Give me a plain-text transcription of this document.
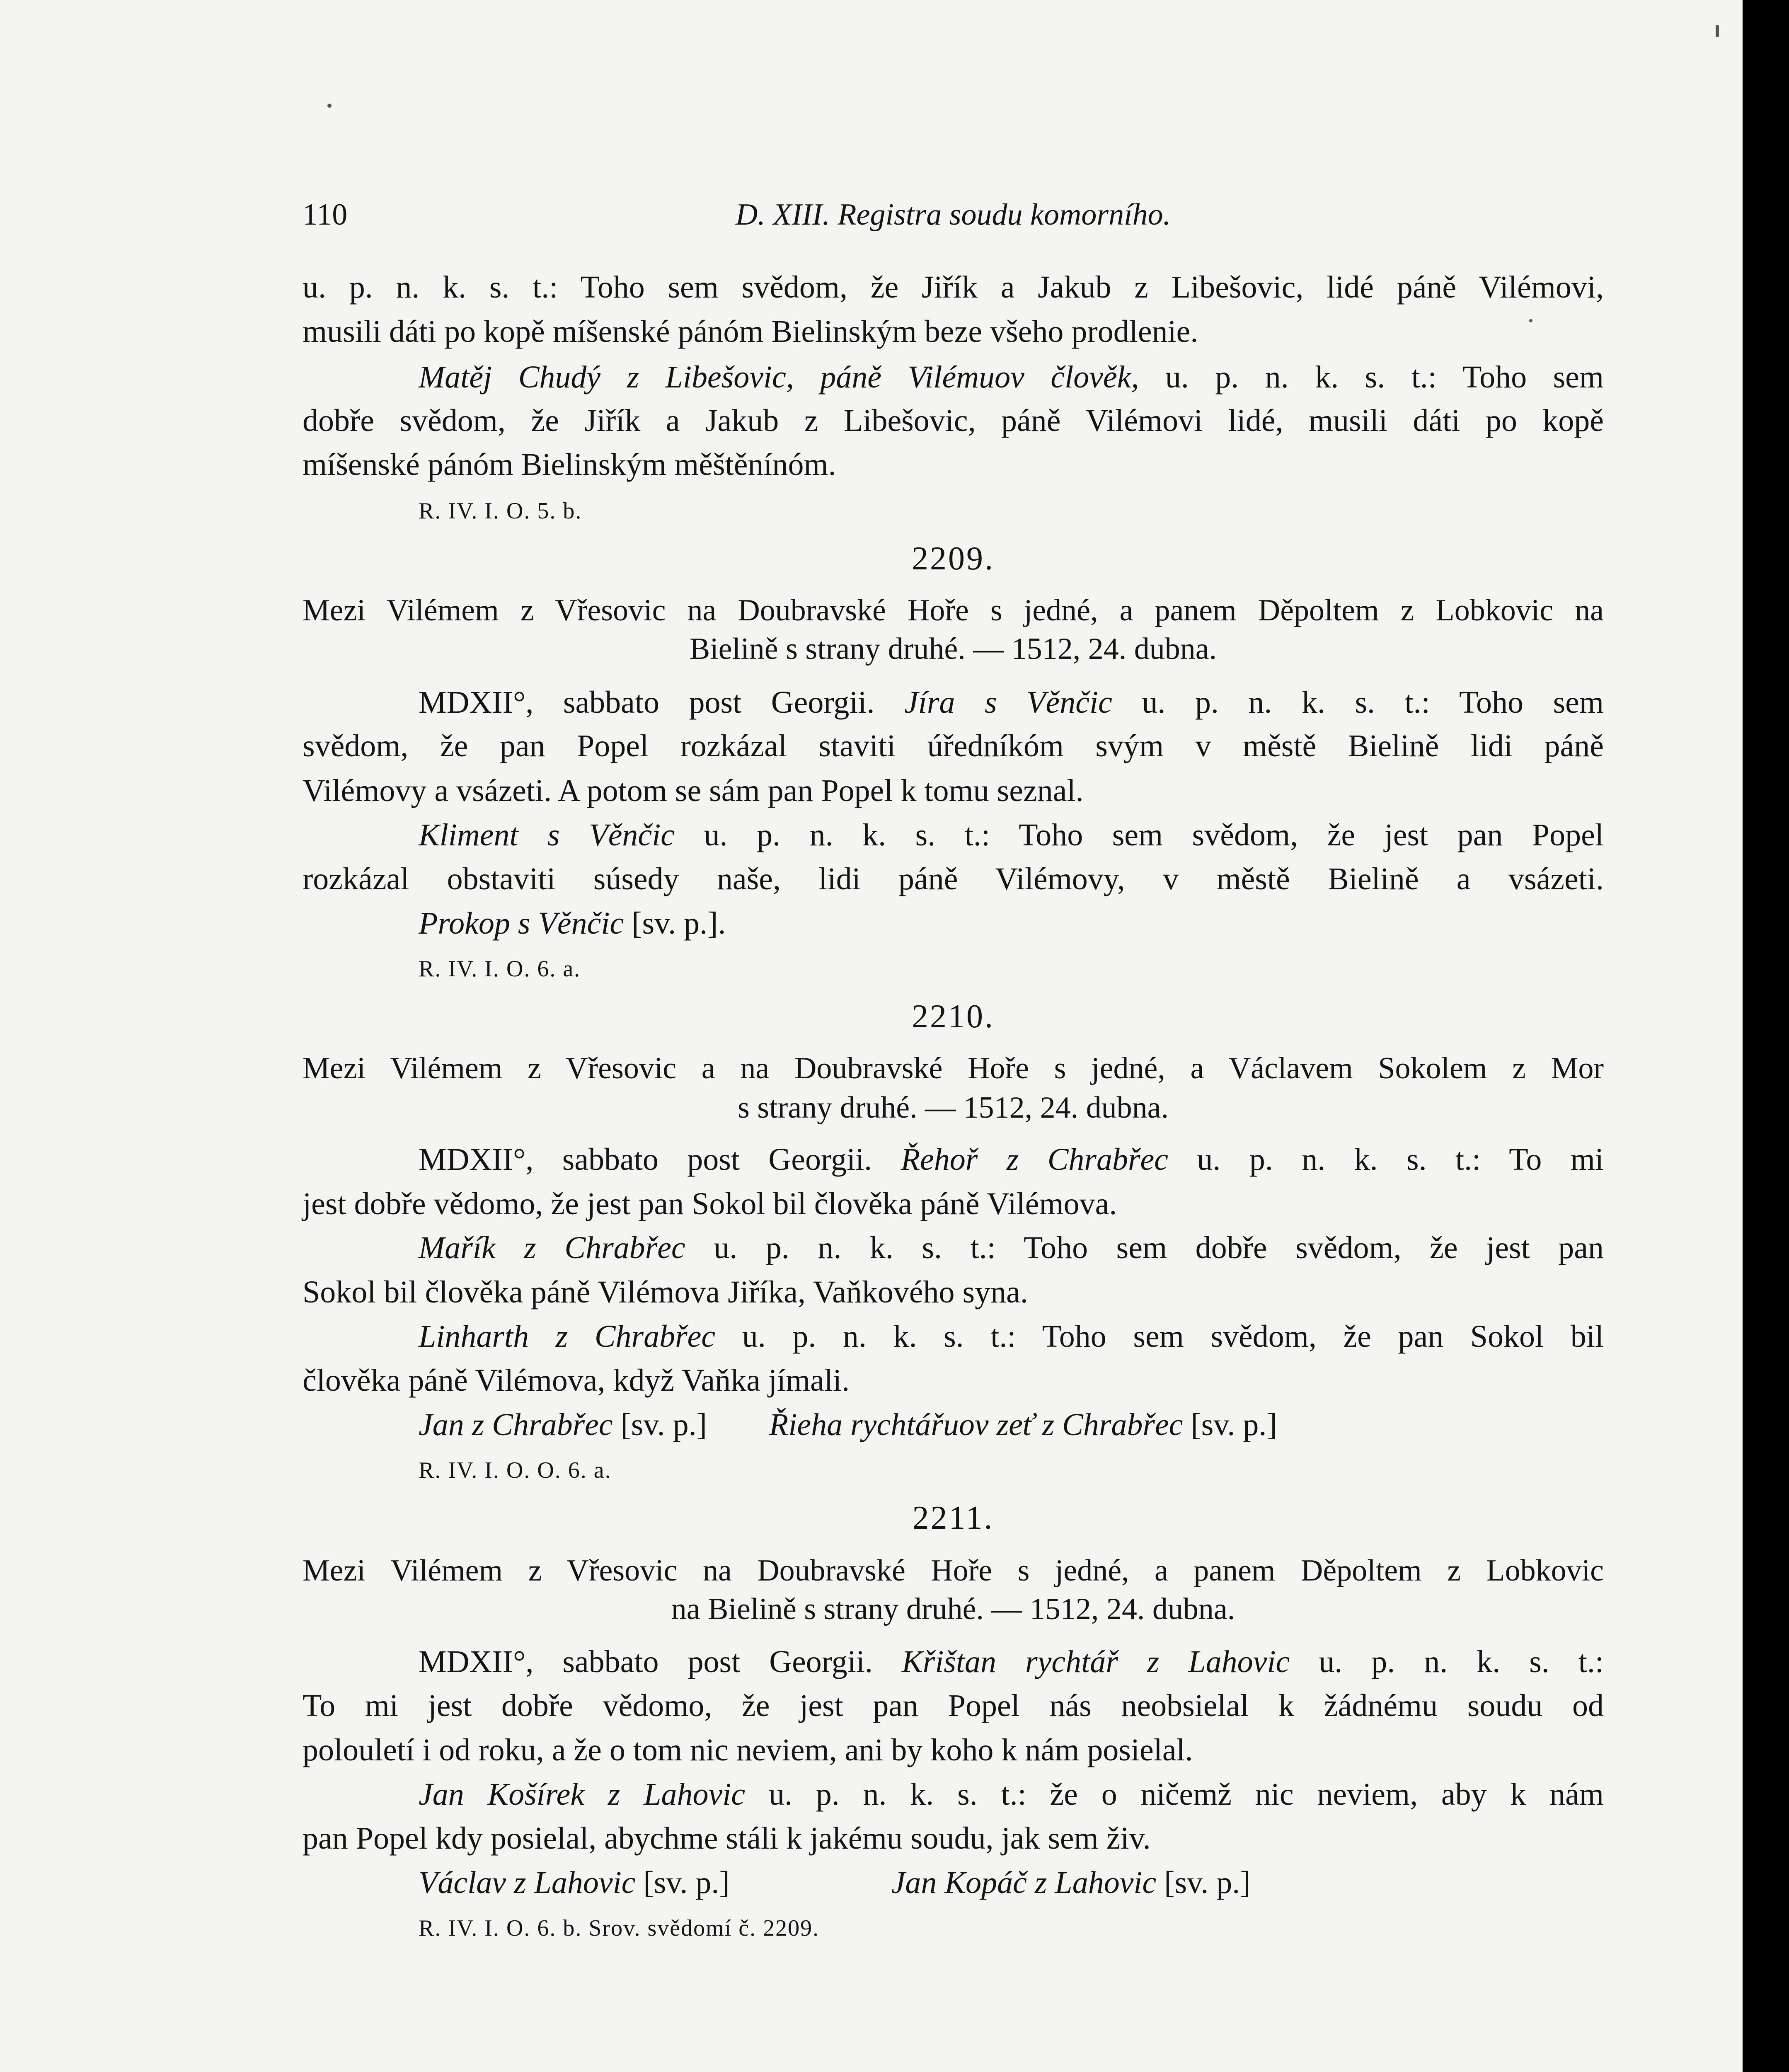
110	D. XIII. Registra soudu komorního.
u. p. n. k. s. t.: Toho sem svědom, že Jiřík a Jakub z Libešovic, lidé páně Vilémovi,
musili dáti po kopě míšenské pánóm Bielinským beze všeho prodlenie.
Matěj Chudý z Libešovic, páně Vilémuov člověk, u. p. n. k. s. t.: Toho sem
dobře svědom, že Jiřík a Jakub z Libešovic, páně Vilémovi lidé, musili dáti po kopě
míšenské pánóm Bielinským měštěnínóm.
R. IV. I. O. 5. b.
2209.
Mezi Vilémem z Vřesovic na Doubravské Hoře s jedné, a panem Děpoltem z Lobkovic na
Bielině s strany druhé. — 1512, 24. dubna.
MDXII°, sabbato post Georgii. Jíra s Věnčic u. p. n. k. s. t.: Toho sem
svědom, že pan Popel rozkázal staviti úředníkóm svým v městě Bielině lidi páně
Vilémovy a vsázeti. A potom se sám pan Popel k tomu seznal.
Kliment s Věnčic u. p. n. k. s. t.: Toho sem svědom, že jest pan Popel
rozkázal obstaviti súsedy naše, lidi páně Vilémovy, v městě Bielině a vsázeti.
Prokop s Věnčic [sv. p.].
R. IV. I. O. 6. a.
2210.
Mezi Vilémem z Vřesovic a na Doubravské Hoře s jedné, a Václavem Sokolem z Mor
s strany druhé. — 1512, 24. dubna.
MDXII°, sabbato post Georgii. Řehoř z Chrabřec u. p. n. k. s. t.: To mi
jest dobře vědomo, že jest pan Sokol bil člověka páně Vilémova.
Mařík z Chrabřec u. p. n. k. s. t.: Toho sem dobře svědom, že jest pan
Sokol bil člověka páně Vilémova Jiříka, Vaňkového syna.
Linharth z Chrabřec u. p. n. k. s. t.: Toho sem svědom, že pan Sokol bil
člověka páně Vilémova, když Vaňka jímali.
Jan z Chrabřec [sv. p.] Řieha rychtářuov zeť z Chrabřec [sv. p.]
R. IV. I. O. O. 6. a.
2211.
Mezi Vilémem z Vřesovic na Doubravské Hoře s jedné, a panem Děpoltem z Lobkovic
na Bielině s strany druhé. — 1512, 24. dubna.
MDXII°, sabbato post Georgii. Křištan rychtář z Lahovic u. p. n. k. s. t.:
To mi jest dobře vědomo, že jest pan Popel nás neobsielal k žádnému soudu od
polouletí i od roku, a že o tom nic neviem, ani by koho k nám posielal.
Jan Košírek z Lahovic u. p. n. k. s. t.: že o ničemž nic neviem, aby k nám
pan Popel kdy posielal, abychme stáli k jakému soudu, jak sem živ.
Václav z Lahovic [sv. p.]	Jan Kopáč z Lahovic [sv. p.]
R. IV. I. O. 6. b. Srov. svědomí č. 2209.
